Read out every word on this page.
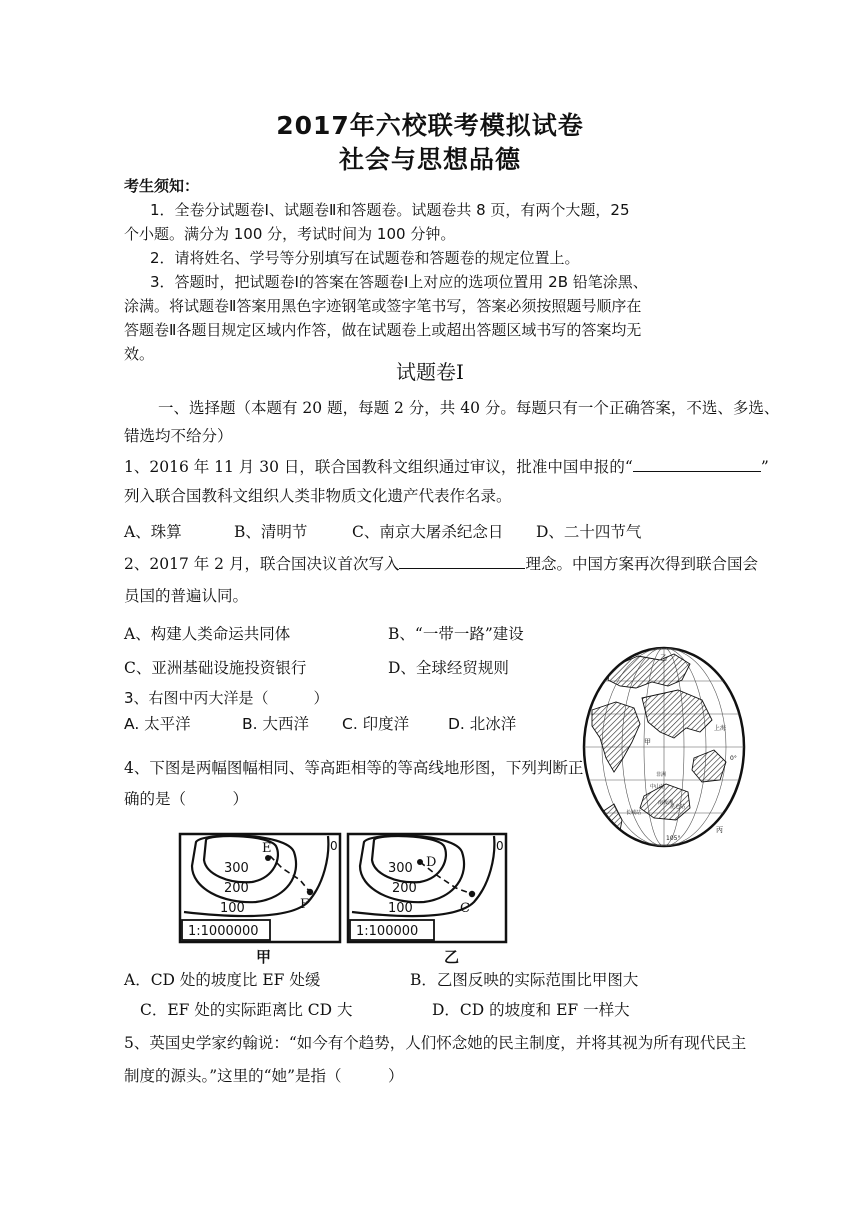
2017年六校联考模拟试卷
社会与思想品德
考生须知：
1．全卷分试题卷Ⅰ、试题卷Ⅱ和答题卷。试题卷共 8 页，有两个大题，25
个小题。满分为 100 分，考试时间为 100 分钟。
2．请将姓名、学号等分别填写在试题卷和答题卷的规定位置上。
3．答题时，把试题卷Ⅰ的答案在答题卷Ⅰ上对应的选项位置用 2B 铅笔涂黑、
涂满。将试题卷Ⅱ答案用黑色字迹钢笔或签字笔书写，答案必须按照题号顺序在
答题卷Ⅱ各题目规定区域内作答，做在试题卷上或超出答题区域书写的答案均无
效。
试题卷Ⅰ
一、选择题（本题有 20 题，每题 2 分，共 40 分。每题只有一个正确答案，不选、多选、
错选均不给分）
1、2016 年 11 月 30 日，联合国教科文组织通过审议，批准中国申报的“	”
列入联合国教科文组织人类非物质文化遗产代表作名录。
A、珠算	B、清明节	C、南京大屠杀纪念日 D、二十四节气
2、2017 年 2 月，联合国决议首次写入	理念。中国方案再次得到联合国会
员国的普遍认同。
A、构建人类命运共同体	B、“一带一路”建设
C、亚洲基础设施投资银行	D、全球经贸规则
3、右图中丙大洋是（　　　）
A. 太平洋	B. 大西洋 C. 印度洋	D. 北冰洋
乙
甲
上海
丙
0°
105°
中山站
长城站
昆仑站
非洲
南极洲
4、下图是两幅图幅相同、等高距相等的等高线地形图，下列判断正
确的是（　　　）
E
F
300
200
100
0
1:1000000
甲
D
C
300
200
100
0
1:100000
乙
A．CD 处的坡度比 EF 处缓	B．乙图反映的实际范围比甲图大
C．EF 处的实际距离比 CD 大	D．CD 的坡度和 EF 一样大
5、英国史学家约翰说：“如今有个趋势，人们怀念她的民主制度，并将其视为所有现代民主
制度的源头。”这里的“她”是指（　　　）
